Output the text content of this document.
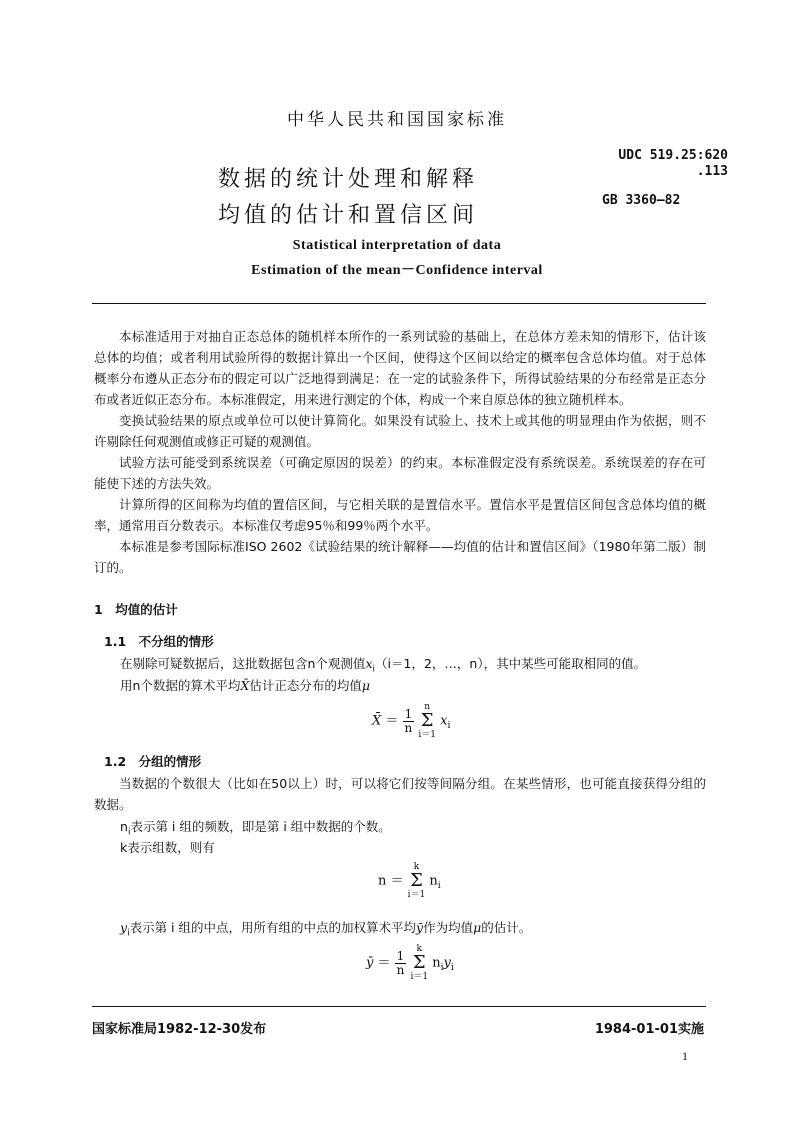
中华人民共和国国家标准
数据的统计处理和解释
均值的估计和置信区间
UDC 519.25:620
.113
GB 3360—82
Statistical interpretation of data
Estimation of the mean－Confidence interval

本标准适用于对抽自正态总体的随机样本所作的一系列试验的基础上，在总体方差未知的情形下，估计该总体的均值；或者利用试验所得的数据计算出一个区间，使得这个区间以给定的概率包含总体均值。对于总体概率分布遵从正态分布的假定可以广泛地得到满足：在一定的试验条件下，所得试验结果的分布经常是正态分布或者近似正态分布。本标准假定，用来进行测定的个体，构成一个来自原总体的独立随机样本。

变换试验结果的原点或单位可以使计算简化。如果没有试验上、技术上或其他的明显理由作为依据，则不许剔除任何观测值或修正可疑的观测值。

试验方法可能受到系统误差（可确定原因的误差）的约束。本标准假定没有系统误差。系统误差的存在可能使下述的方法失效。

计算所得的区间称为均值的置信区间，与它相关联的是置信水平。置信水平是置信区间包含总体均值的概率，通常用百分数表示。本标准仅考虑95％和99％两个水平。

本标准是参考国际标准ISO 2602《试验结果的统计解释——均值的估计和置信区间》（1980年第二版）制订的。

1　均值的估计
1.1　不分组的情形
在剔除可疑数据后，这批数据包含n个观测值$x_i(i=1$，2，…，n），其中某些可能取相同的值。
用n个数据的算术平均X̄估计正态分布的均值μ
X̄ ＝ $\frac{1}{n}$
n
Σ
i＝1 $x_i$
1.2　分组的情形

当数据的个数很大（比如在50以上）时，可以将它们按等间隔分组。在某些情形，也可能直接获得分组的数据。

$n_i$表示第 i 组的频数，即是第 i 组中数据的个数。
k表示组数，则有
n ＝ k
Σ
i＝1 $n_i$
$y_i$表示第 i 组的中点，用所有组的中点的加权算术平均ȳ作为均值μ的估计。
ȳ ＝ $\frac{1}{n}$
k
Σ
i＝1 $n_iy_i$
国家标准局1982-12-30发布	1984-01-01实施
1
